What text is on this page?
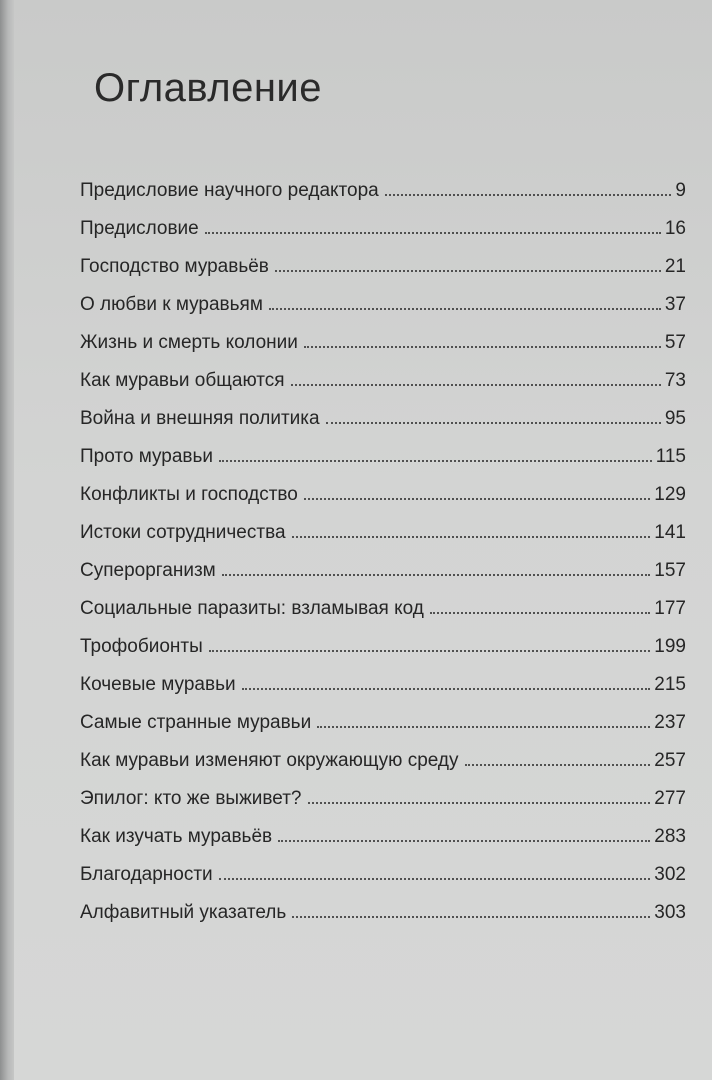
Оглавление
Предисловие научного редактора	9
Предисловие	16
Господство муравьёв	21
О любви к муравьям	37
Жизнь и смерть колонии	57
Как муравьи общаются	73
Война и внешняя политика	95
Прото муравьи	115
Конфликты и господство	129
Истоки сотрудничества	141
Суперорганизм	157
Социальные паразиты: взламывая код	177
Трофобионты	199
Кочевые муравьи	215
Самые странные муравьи	237
Как муравьи изменяют окружающую среду	257
Эпилог: кто же выживет?	277
Как изучать муравьёв	283
Благодарности	302
Алфавитный указатель	303
